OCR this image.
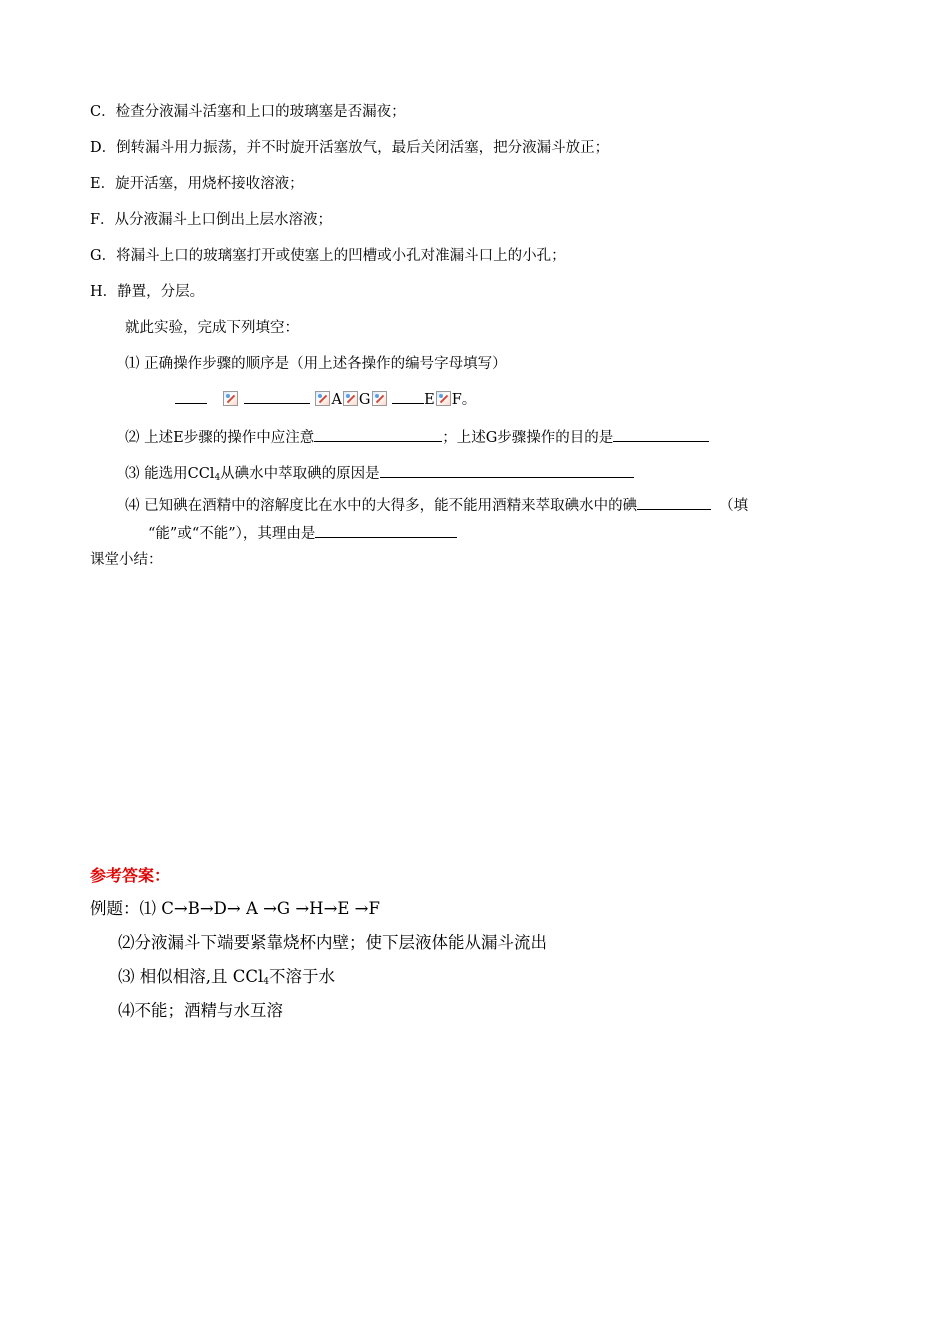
C．检查分液漏斗活塞和上口的玻璃塞是否漏夜；
D．倒转漏斗用力振荡，并不时旋开活塞放气，最后关闭活塞，把分液漏斗放正；
E．旋开活塞，用烧杯接收溶液；
F．从分液漏斗上口倒出上层水溶液；
G．将漏斗上口的玻璃塞打开或使塞上的凹槽或小孔对准漏斗口上的小孔；
H．静置，分层。
就此实验，完成下列填空：
⑴ 正确操作步骤的顺序是（用上述各操作的编号字母填写）
A G	E F。
⑵ 上述E步骤的操作中应注意	；上述G步骤操作的目的是
⑶ 能选用CCl$_4$从碘水中萃取碘的原因是
⑷ 已知碘在酒精中的溶解度比在水中的大得多，能不能用酒精来萃取碘水中的碘	（填
“能”或“不能”），其理由是
课堂小结：
参考答案：
例题：⑴ C→B→D→ A →G →H→E →F
⑵分液漏斗下端要紧靠烧杯内壁；使下层液体能从漏斗流出
⑶ 相似相溶,且 CCl$_4$不溶于水
⑷不能；酒精与水互溶
